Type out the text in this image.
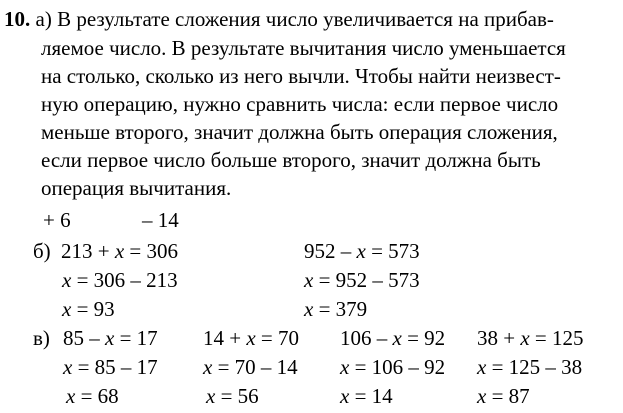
10. а) В результате сложения число увеличивается на прибав-
ляемое число. В результате вычитания число уменьшается
на столько, сколько из него вычли. Чтобы найти неизвест-
ную операцию, нужно сравнить числа: если первое число
меньше второго, значит должна быть операция сложения,
если первое число больше второго, значит должна быть
операция вычитания.
+ 6	– 14
б) 213 + x = 306
x = 306 – 213
x = 93
952 – x = 573
x = 952 – 573
x = 379
в) 85 – x = 17
x = 85 – 17
x = 68
14 + x = 70
x = 70 – 14
x = 56
106 – x = 92
x = 106 – 92
x = 14
38 + x = 125
x = 125 – 38
x = 87
